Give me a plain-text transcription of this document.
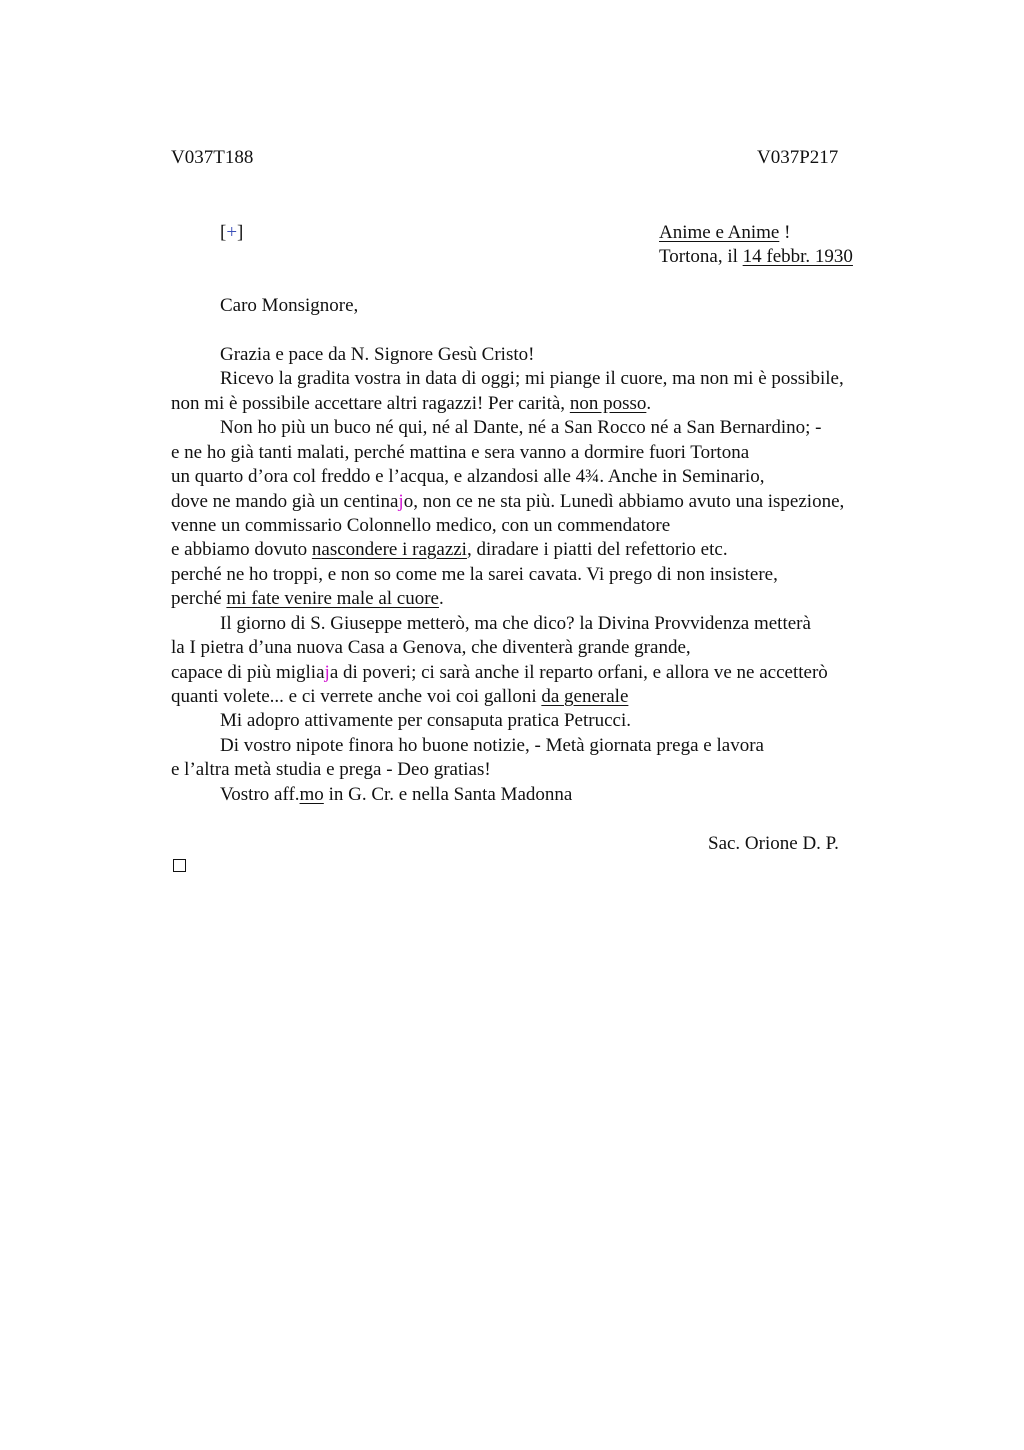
V037T188	V037P217
[+]	Anime e Anime !
Tortona, il 14 febbr. 1930
Caro Monsignore,
Grazia e pace da N. Signore Gesù Cristo!
Ricevo la gradita vostra in data di oggi; mi piange il cuore, ma non mi è possibile,
non mi è possibile accettare altri ragazzi! Per carità, non posso.
Non ho più un buco né qui, né al Dante, né a San Rocco né a San Bernardino; -
e ne ho già tanti malati, perché mattina e sera vanno a dormire fuori Tortona
un quarto d’ora col freddo e l’acqua, e alzandosi alle 4¾. Anche in Seminario,
dove ne mando già un centinajo, non ce ne sta più. Lunedì abbiamo avuto una ispezione,
venne un commissario Colonnello medico, con un commendatore
e abbiamo dovuto nascondere i ragazzi, diradare i piatti del refettorio etc.
perché ne ho troppi, e non so come me la sarei cavata. Vi prego di non insistere,
perché mi fate venire male al cuore.
Il giorno di S. Giuseppe metterò, ma che dico? la Divina Provvidenza metterà
la I pietra d’una nuova Casa a Genova, che diventerà grande grande,
capace di più migliaja di poveri; ci sarà anche il reparto orfani, e allora ve ne accetterò
quanti volete... e ci verrete anche voi coi galloni da generale
Mi adopro attivamente per consaputa pratica Petrucci.
Di vostro nipote finora ho buone notizie, - Metà giornata prega e lavora
e l’altra metà studia e prega - Deo gratias!
Vostro aff.mo in G. Cr. e nella Santa Madonna
Sac. Orione D. P.
